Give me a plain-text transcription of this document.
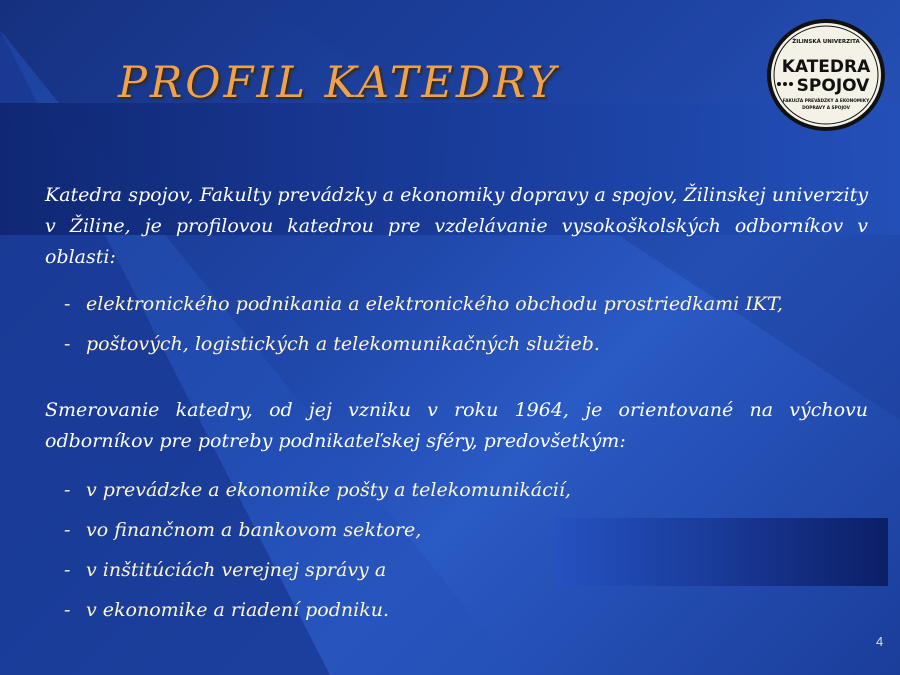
PROFIL KATEDRY
ŽILINSKÁ UNIVERZITA
KATEDRA
SPOJOV
FAKULTA PREVÁDZKY A EKONOMIKY
DOPRAVY A SPOJOV

Katedra spojov, Fakulty prevádzky a ekonomiky dopravy a spojov, Žilinskej univerzity v Žiline, je profilovou katedrou pre vzdelávanie vysokoškolských odborníkov v oblasti:

- elektronického podnikania a elektronického obchodu prostriedkami IKT,
- poštových, logistických a telekomunikačných služieb.

Smerovanie katedry, od jej vzniku v roku 1964, je orientované na výchovu odborníkov pre potreby podnikateľskej sféry, predovšetkým:

- v prevádzke a ekonomike pošty a telekomunikácií,
- vo finančnom a bankovom sektore,
- v inštitúciách verejnej správy a
- v ekonomike a riadení podniku.
4
